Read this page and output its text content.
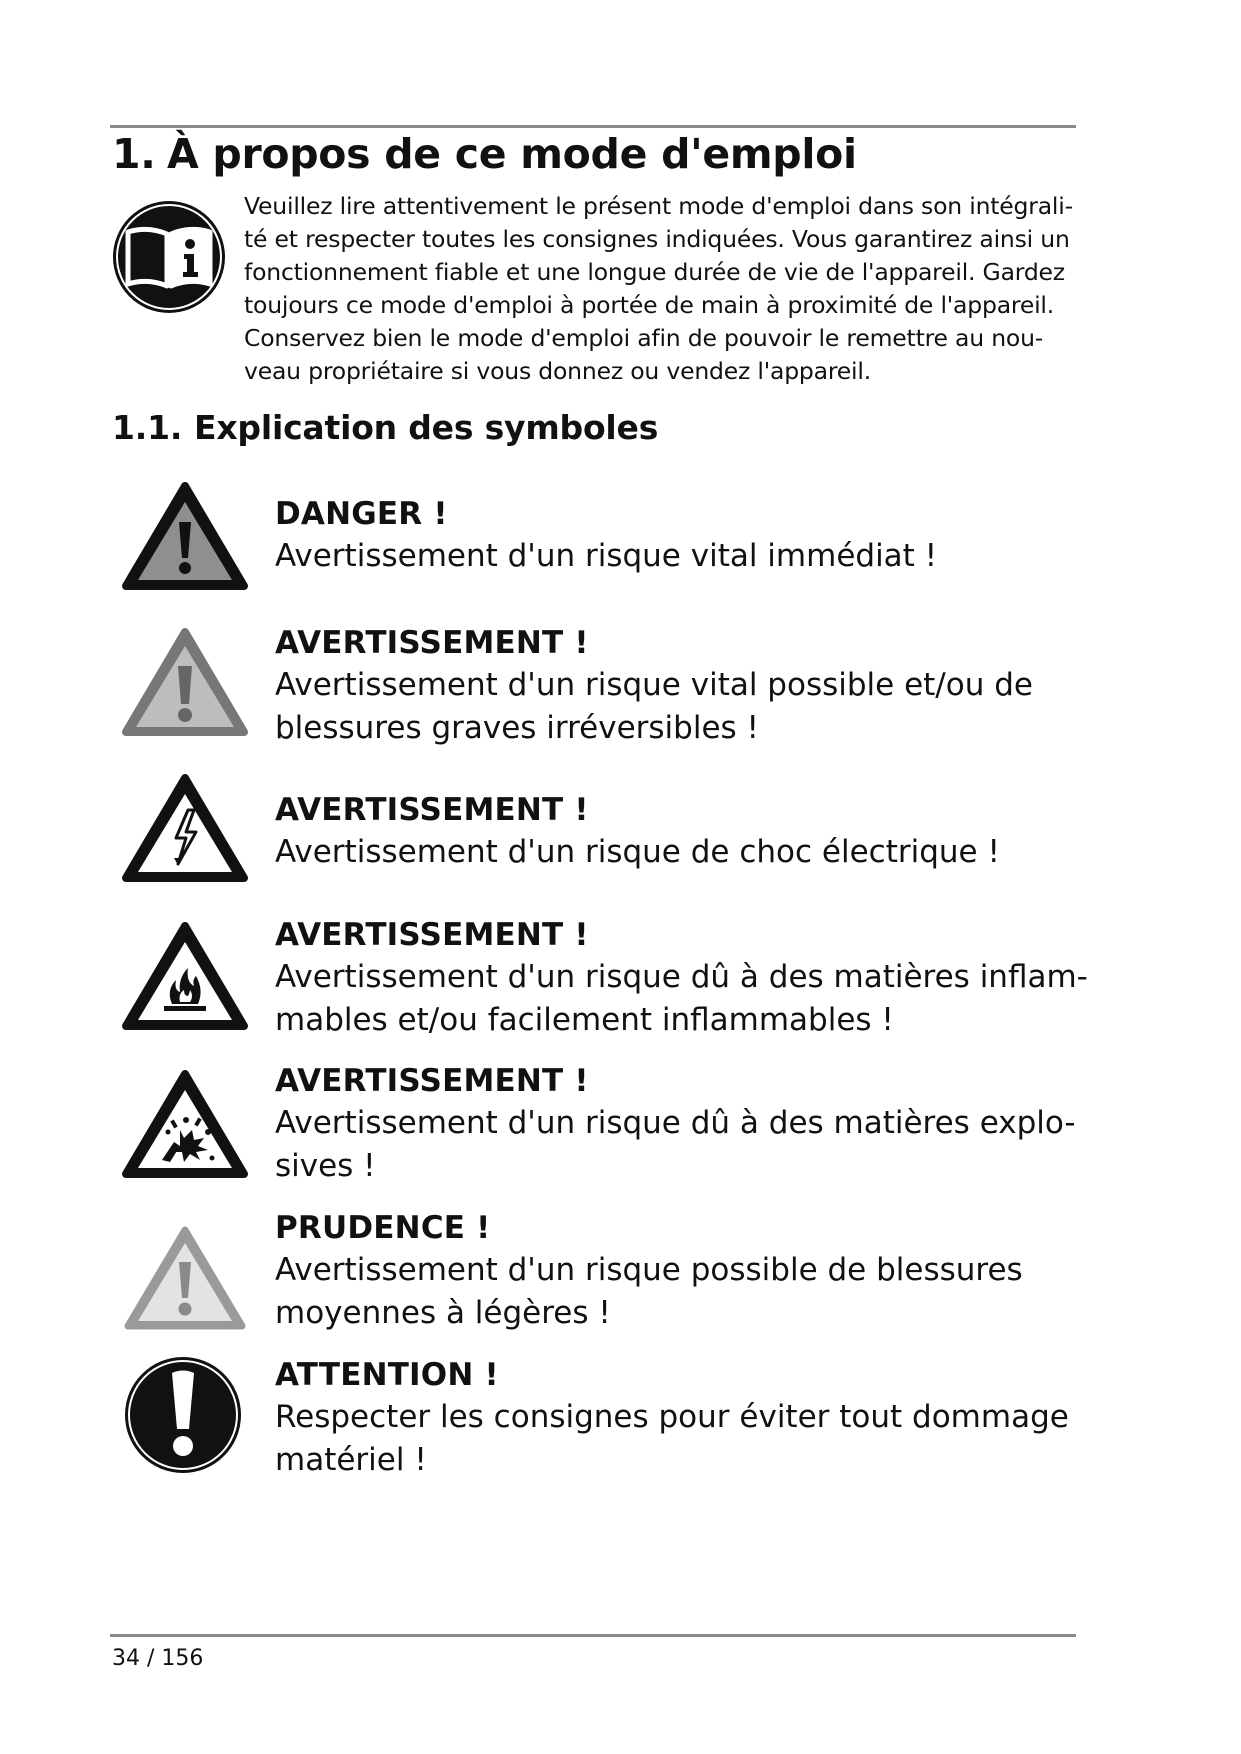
1. À propos de ce mode d'emploi
Veuillez lire attentivement le présent mode d'emploi dans son intégrali-
té et respecter toutes les consignes indiquées. Vous garantirez ainsi un
fonctionnement fiable et une longue durée de vie de l'appareil. Gardez
toujours ce mode d'emploi à portée de main à proximité de l'appareil.
Conservez bien le mode d'emploi afin de pouvoir le remettre au nou-
veau propriétaire si vous donnez ou vendez l'appareil.
1.1. Explication des symboles
DANGER !
Avertissement d'un risque vital immédiat !
AVERTISSEMENT !
Avertissement d'un risque vital possible et/ou de
blessures graves irréversibles !
AVERTISSEMENT !
Avertissement d'un risque de choc électrique !
AVERTISSEMENT !
Avertissement d'un risque dû à des matières inflam-
mables et/ou facilement inflammables !
AVERTISSEMENT !
Avertissement d'un risque dû à des matières explo-
sives !
PRUDENCE !
Avertissement d'un risque possible de blessures
moyennes à légères !
ATTENTION !
Respecter les consignes pour éviter tout dommage
matériel !
34 / 156
